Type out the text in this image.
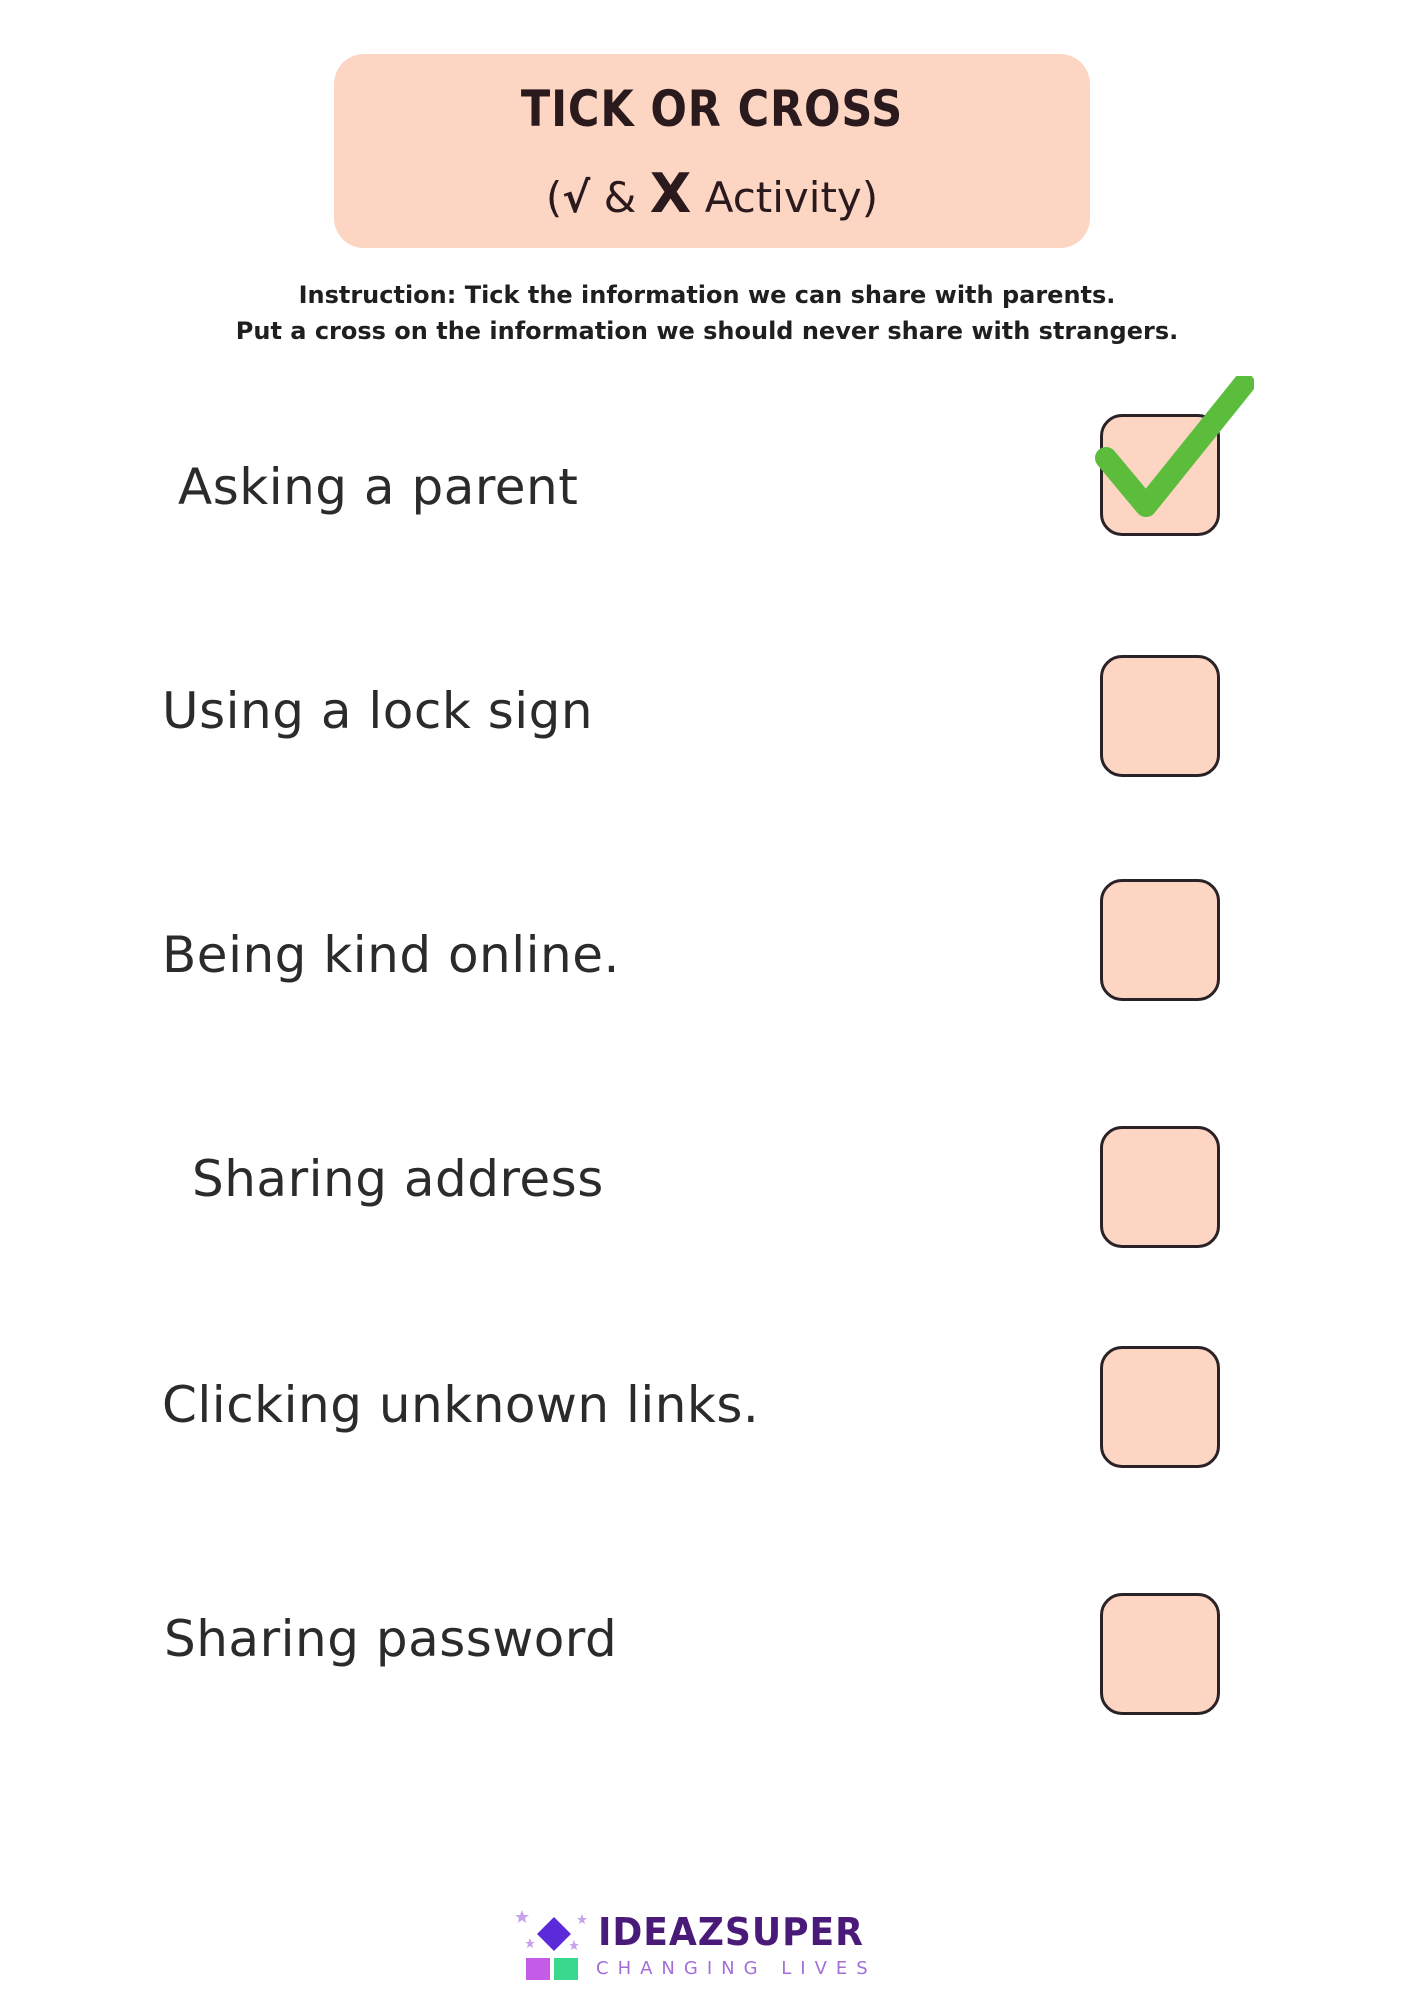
TICK OR CROSS
(√ & X Activity)
Instruction: Tick the information we can share with parents.
Put a cross on the information we should never share with strangers.
Asking a parent
Using a lock sign
Being kind online.
Sharing address
Clicking unknown links.
Sharing password
IDEAZSUPER
CHANGING LIVES
